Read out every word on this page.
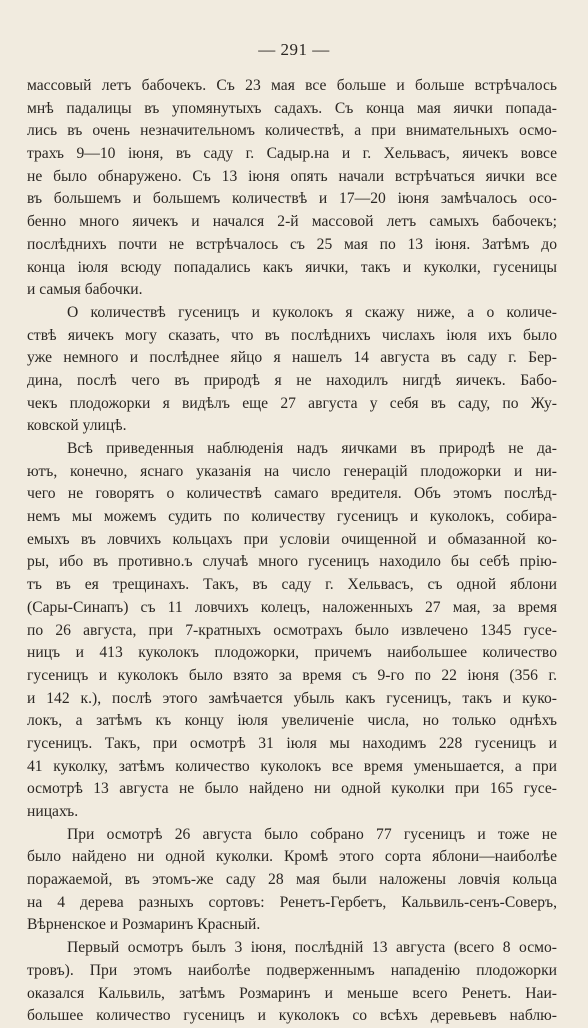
— 291 —
массовый летъ бабочекъ. Съ 23 мая все больше и больше встрѣчалось
мнѣ падалицы въ упомянутыхъ садахъ. Съ конца мая яички попада-
лись въ очень незначительномъ количествѣ, а при внимательныхъ осмо-
трахъ 9—10 іюня, въ саду г. Садыр.на и г. Хельвасъ, яичекъ вовсе
не было обнаружено. Съ 13 іюня опять начали встрѣчаться яички все
въ большемъ и большемъ количествѣ и 17—20 іюня замѣчалось осо-
бенно много яичекъ и начался 2-й массовой летъ самыхъ бабочекъ;
послѣднихъ почти не встрѣчалось съ 25 мая по 13 іюня. Затѣмъ до
конца іюля всюду попадались какъ яички, такъ и куколки, гусеницы
и самыя бабочки.
О количествѣ гусеницъ и куколокъ я скажу ниже, а о количе-
ствѣ яичекъ могу сказать, что въ послѣднихъ числахъ іюля ихъ было
уже немного и послѣднее яйцо я нашелъ 14 августа въ саду г. Бер-
дина, послѣ чего въ природѣ я не находилъ нигдѣ яичекъ. Бабо-
чекъ плодожорки я видѣлъ еще 27 августа у себя въ саду, по Жу-
ковской улицѣ.
Всѣ приведенныя наблюденія надъ яичками въ природѣ не да-
ютъ, конечно, яснаго указанія на число генерацій плодожорки и ни-
чего не говорятъ о количествѣ самаго вредителя. Объ этомъ послѣд-
немъ мы можемъ судить по количеству гусеницъ и куколокъ, собира-
емыхъ въ ловчихъ кольцахъ при условіи очищенной и обмазанной ко-
ры, ибо въ противно.ъ случаѣ много гусеницъ находило бы себѣ прію-
тъ въ ея трещинахъ. Такъ, въ саду г. Хельвасъ, съ одной яблони
(Сары-Синапъ) съ 11 ловчихъ колецъ, наложенныхъ 27 мая, за время
по 26 августа, при 7-кратныхъ осмотрахъ было извлечено 1345 гусе-
ницъ и 413 куколокъ плодожорки, причемъ наибольшее количество
гусеницъ и куколокъ было взято за время съ 9-го по 22 іюня (356 г.
и 142 к.), послѣ этого замѣчается убыль какъ гусеницъ, такъ и куко-
локъ, а затѣмъ къ концу іюля увеличеніе числа, но только однѣхъ
гусеницъ. Такъ, при осмотрѣ 31 іюля мы находимъ 228 гусеницъ и
41 куколку, затѣмъ количество куколокъ все время уменьшается, а при
осмотрѣ 13 августа не было найдено ни одной куколки при 165 гусе-
ницахъ.
При осмотрѣ 26 августа было собрано 77 гусеницъ и тоже не
было найдено ни одной куколки. Кромѣ этого сорта яблони—наиболѣе
поражаемой, въ этомъ-же саду 28 мая были наложены ловчія кольца
на 4 дерева разныхъ сортовъ: Ренетъ-Гербетъ, Кальвиль-сенъ-Соверъ,
Вѣрненское и Розмаринъ Красный.
Первый осмотръ былъ 3 іюня, послѣдній 13 августа (всего 8 осмо-
тровъ). При этомъ наиболѣе подверженнымъ нападенію плодожорки
оказался Кальвиль, затѣмъ Розмаринъ и меньше всего Ренетъ. Наи-
большее количество гусеницъ и куколокъ со всѣхъ деревьевъ наблю-
